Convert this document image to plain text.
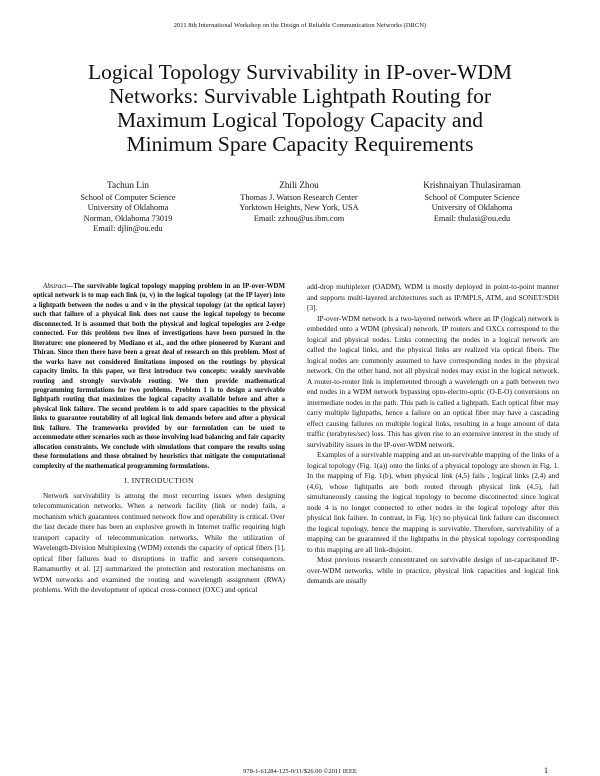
2011 8th International Workshop on the Design of Reliable Communication Networks (DRCN)
Logical Topology Survivability in IP-over-WDM
Networks: Survivable Lightpath Routing for
Maximum Logical Topology Capacity and
Minimum Spare Capacity Requirements
Tachun Lin
School of Computer Science
University of Oklahoma
Norman, Oklahoma 73019
Email: djlin@ou.edu
Zhili Zhou
Thomas J. Watson Research Center
Yorktown Heights, New York, USA
Email: zzhou@us.ibm.com
Krishnaiyan Thulasiraman
School of Computer Science
University of Oklahoma
Email: thulasi@ou.edu

Abstract—The survivable logical topology mapping problem in an IP-over-WDM optical network is to map each link (u, v) in the logical topology (at the IP layer) into a lightpath between the nodes u and v in the physical topology (at the optical layer) such that failure of a physical link does not cause the logical topology to become disconnected. It is assumed that both the physical and logical topologies are 2-edge connected. For this problem two lines of investigations have been pursued in the literature: one pioneered by Modiano et al., and the other pioneered by Kurant and Thiran. Since then there have been a great deal of research on this problem. Most of the works have not considered limitations imposed on the routings by physical capacity limits. In this paper, we first introduce two concepts: weakly survivable routing and strongly survivable routing. We then provide mathematical programming formulations for two problems. Problem 1 is to design a survivable lightpath routing that maximizes the logical capacity available before and after a physical link failure. The second problem is to add spare capacities to the physical links to guarantee routability of all logical link demands before and after a physical link failure. The frameworks provided by our formulation can be used to accommodate other scenarios such as those involving load balancing and fair capacity allocation constraints. We conclude with simulations that compare the results using these formulations and those obtained by heuristics that mitigate the computational complexity of the mathematical programming formulations.

I. INTRODUCTION

Network survivability is among the most recurring issues when designing telecommunication networks. When a network facility (link or node) fails, a mechanism which guarantees continued network flow and operability is critical. Over the last decade there has been an explosive growth in Internet traffic requiring high transport capacity of telecommunication networks. While the utilization of Wavelength-Division Multiplexing (WDM) extends the capacity of optical fibers [1], optical fiber failures lead to disruptions in traffic and severe consequences. Ramamurthy et al. [2] summarized the protection and restoration mechanisms on WDM networks and examined the routing and wavelength assignment (RWA) problems. With the development of optical cross-connect (OXC) and optical

add-drop multiplexer (OADM), WDM is mostly deployed in point-to-point manner and supports multi-layered architectures such as IP/MPLS, ATM, and SONET/SDH [3].

IP-over-WDM network is a two-layered network where an IP (logical) network is embedded onto a WDM (physical) network. IP routers and OXCs correspond to the logical and physical nodes. Links connecting the nodes in a logical network are called the logical links, and the physical links are realized via optical fibers. The logical nodes are commonly assumed to have corresponding nodes in the physical network. On the other hand, not all physical nodes may exist in the logical network. A router-to-router link is implemented through a wavelength on a path between two end nodes in a WDM network bypassing opto-electro-optic (O-E-O) conversions on intermediate nodes in the path. This path is called a lightpath. Each optical fiber may carry multiple lightpaths, hence a failure on an optical fiber may have a cascading effect causing failures on multiple logical links, resulting in a huge amount of data traffic (terabytes/sec) loss. This has given rise to an extensive interest in the study of survivability issues in the IP-over-WDM network.

Examples of a survivable mapping and an un-survivable mapping of the links of a logical topology (Fig. 1(a)) onto the links of a physical topology are shown in Fig. 1. In the mapping of Fig. 1(b), when physical link (4,5) fails , logical links (2,4) and (4,6), whose lightpaths are both routed through physical link (4,5), fail simultaneously causing the logical topology to become disconnected since logical node 4 is no longer connected to other nodes in the logical topology after this physical link failure. In contrast, in Fig. 1(c) no physical link failure can disconnect the logical topology, hence the mapping is survivable. Therefore, survivability of a mapping can be guaranteed if the lightpaths in the physical topology corresponding to this mapping are all link-disjoint.

Most previous research concentrated on survivable design of un-capacitated IP-over-WDM networks, while in practice, physical link capacities and logical link demands are usually

978-1-61284-125-0/11/$26.00 ©2011 IEEE	1
